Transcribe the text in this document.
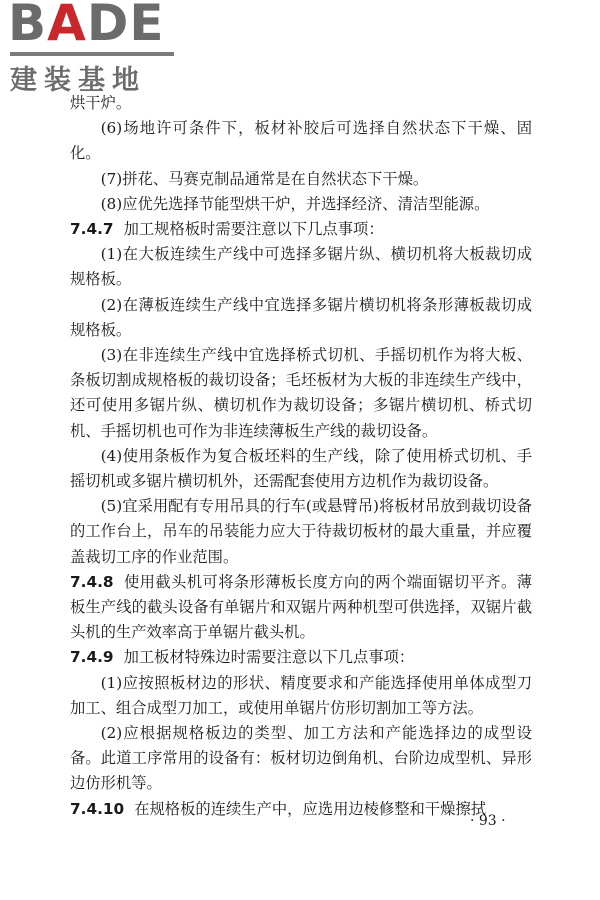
BADE
建装基地

烘干炉。

(6)场地许可条件下，板材补胶后可选择自然状态下干燥、固化。

(7)拼花、马赛克制品通常是在自然状态下干燥。

(8)应优先选择节能型烘干炉，并选择经济、清洁型能源。

7.4.7 加工规格板时需要注意以下几点事项：

(1)在大板连续生产线中可选择多锯片纵、横切机将大板裁切成规格板。

(2)在薄板连续生产线中宜选择多锯片横切机将条形薄板裁切成规格板。

(3)在非连续生产线中宜选择桥式切机、手摇切机作为将大板、条板切割成规格板的裁切设备；毛坯板材为大板的非连续生产线中，还可使用多锯片纵、横切机作为裁切设备；多锯片横切机、桥式切机、手摇切机也可作为非连续薄板生产线的裁切设备。

(4)使用条板作为复合板坯料的生产线，除了使用桥式切机、手摇切机或多锯片横切机外，还需配套使用方边机作为裁切设备。

(5)宜采用配有专用吊具的行车(或悬臂吊)将板材吊放到裁切设备的工作台上，吊车的吊装能力应大于待裁切板材的最大重量，并应覆盖裁切工序的作业范围。

7.4.8 使用截头机可将条形薄板长度方向的两个端面锯切平齐。薄板生产线的截头设备有单锯片和双锯片两种机型可供选择，双锯片截头机的生产效率高于单锯片截头机。

7.4.9 加工板材特殊边时需要注意以下几点事项：

(1)应按照板材边的形状、精度要求和产能选择使用单体成型刀加工、组合成型刀加工，或使用单锯片仿形切割加工等方法。

(2)应根据规格板边的类型、加工方法和产能选择边的成型设备。此道工序常用的设备有：板材切边倒角机、台阶边成型机、异形边仿形机等。

7.4.10 在规格板的连续生产中，应选用边棱修整和干燥擦拭

· 93 ·
